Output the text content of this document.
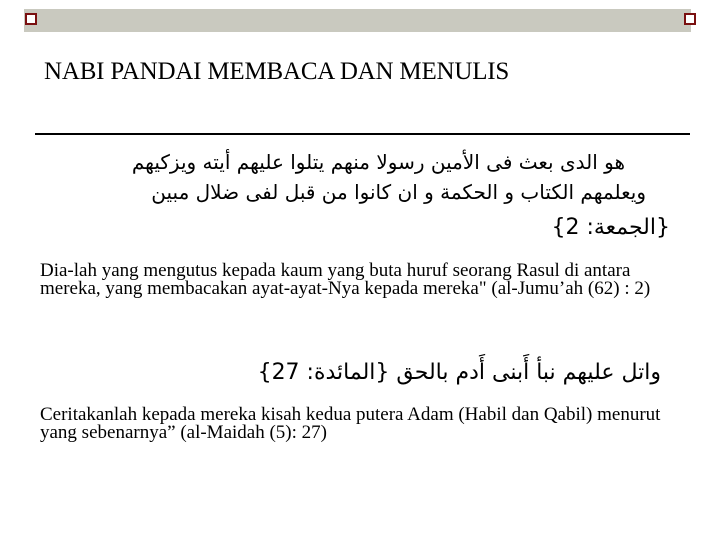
NABI PANDAI MEMBACA DAN MENULIS
هو الدى بعث فى الأمين رسولا منهم يتلوا عليهم أيته ويزكيهم
ويعلمهم الكتاب و الحكمة و ان كانوا من قبل لفى ضلال مبين
{الجمعة: 2}
Dia-lah yang mengutus kepada kaum yang buta huruf seorang Rasul di antara mereka, yang membacakan ayat-ayat-Nya kepada mereka" (al-Jumu’ah (62) : 2)
واتل عليهم نبأ أَبنى أَدم بالحق {المائدة: 27}
Ceritakanlah kepada mereka kisah kedua putera Adam (Habil dan Qabil) menurut yang sebenarnya” (al-Maidah (5): 27)
